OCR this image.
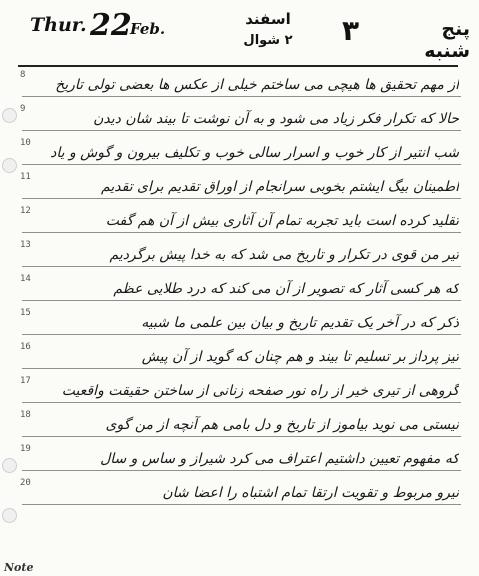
Thur. 22
Feb.
اسفند
۲ شوال	۳	پنج شنبه
8
از مهم تحقیق ها هیچی می ساختم خیلی از عکس ها بعضی تولی تاریخ
9
حالا که تکرار فکر زیاد می شود و به آن نوشت تا بیند شان دیدن
10
شب انتیر از کار خوب و اسرار سالی خوب و تکلیف بیرون و گوش و یاد
11
اطمینان بیگ ایشتم بخوبی سرانجام از اوراق تقدیم برای تقدیم
12
تقلید کرده است باید تجربه تمام آن آثاری بیش از آن هم گفت
13
تیر من قوی در تکرار و تاریخ می شد که به خدا پیش برگردیم
14
که هر کسی آثار که تصویر از آن می کند که درد طلایی عظم
15
ذکر که در آخر یک تقدیم تاریخ و بیان بین علمی ما شبیه
16
تیز پرداز بر تسلیم تا بیند و هم چنان که گوید از آن پیش
17
گروهی از تیری خیر از راه نور صفحه زنانی از ساختن حقیقت واقعیت
18
نیستی می نوید بیاموز از تاریخ و دل بامی هم آنچه از من گوی
19
که مفهوم تعیین داشتیم اعتراف می کرد شیراز و ساس و سال
20
نیرو مربوط و تقویت ارتقا تمام اشتباه را اعضا شان
Note
